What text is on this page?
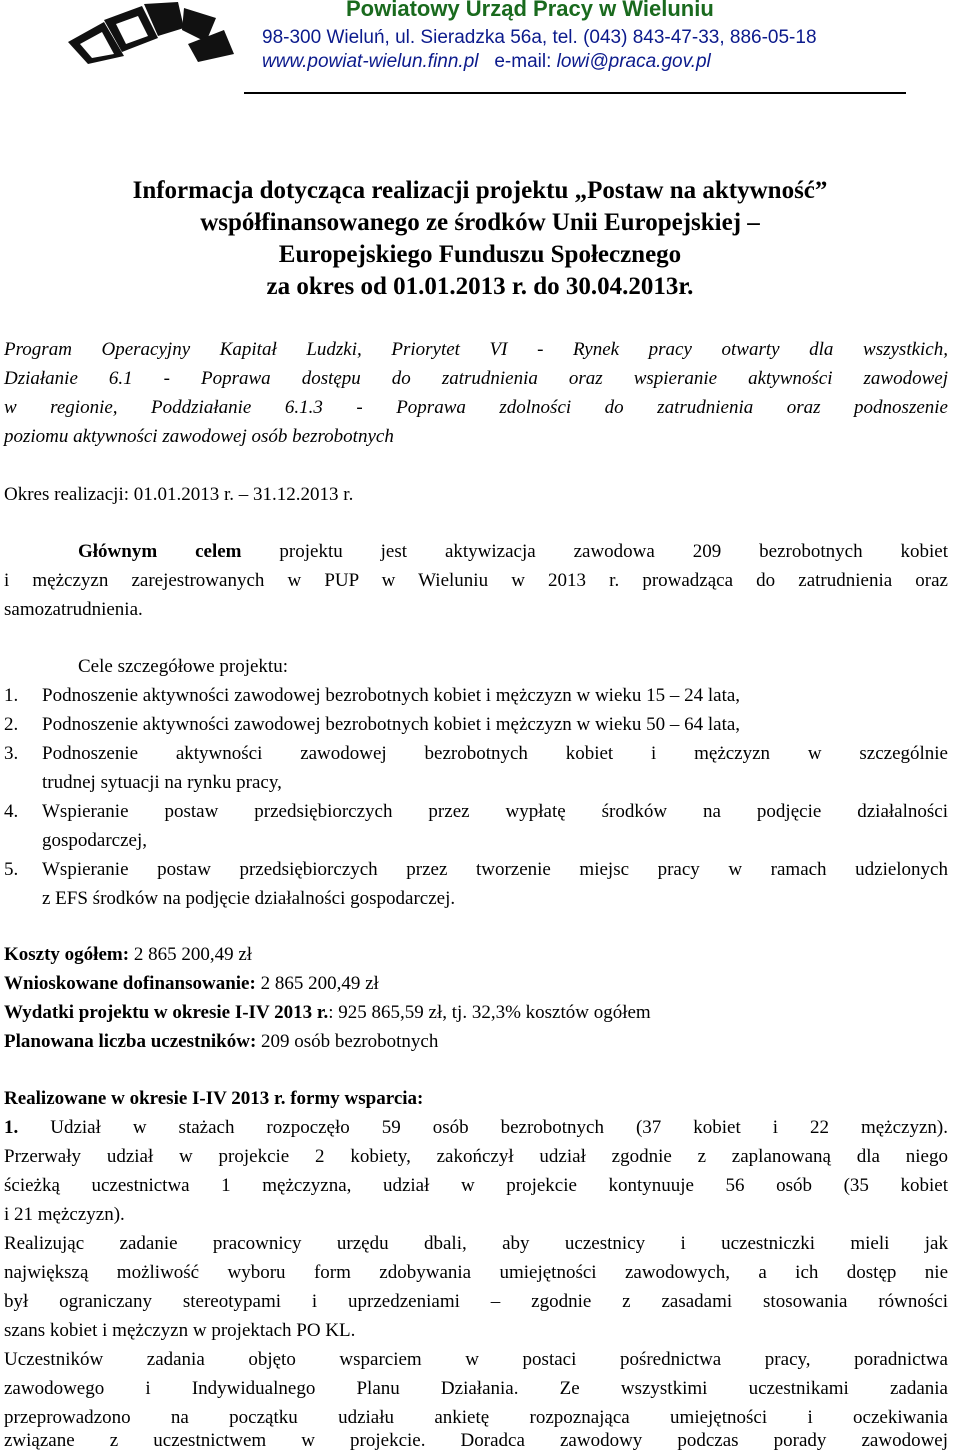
Powiatowy Urząd Pracy w Wieluniu
98-300 Wieluń, ul. Sieradzka 56a, tel. (043) 843-47-33, 886-05-18
www.powiat-wielun.finn.pl e-mail: lowi@praca.gov.pl
Informacja dotycząca realizacji projektu „Postaw na aktywność”
współfinansowanego ze środków Unii Europejskiej –
Europejskiego Funduszu Społecznego
za okres od 01.01.2013 r. do 30.04.2013r.
Program Operacyjny Kapitał Ludzki, Priorytet VI - Rynek pracy otwarty dla wszystkich,
Działanie 6.1 - Poprawa dostępu do zatrudnienia oraz wspieranie aktywności zawodowej
w regionie, Poddziałanie 6.1.3 - Poprawa zdolności do zatrudnienia oraz podnoszenie
poziomu aktywności zawodowej osób bezrobotnych
Okres realizacji: 01.01.2013 r. – 31.12.2013 r.
Głównym celem projektu jest aktywizacja zawodowa 209 bezrobotnych kobiet
i mężczyzn zarejestrowanych w PUP w Wieluniu w 2013 r. prowadząca do zatrudnienia oraz
samozatrudnienia.
Cele szczegółowe projektu:
1. Podnoszenie aktywności zawodowej bezrobotnych kobiet i mężczyzn w wieku 15 – 24 lata,
2. Podnoszenie aktywności zawodowej bezrobotnych kobiet i mężczyzn w wieku 50 – 64 lata,
3. Podnoszenie aktywności zawodowej bezrobotnych kobiet i mężczyzn w szczególnie
trudnej sytuacji na rynku pracy,
4. Wspieranie postaw przedsiębiorczych przez wypłatę środków na podjęcie działalności
gospodarczej,
5. Wspieranie postaw przedsiębiorczych przez tworzenie miejsc pracy w ramach udzielonych
z EFS środków na podjęcie działalności gospodarczej.
Koszty ogółem: 2 865 200,49 zł
Wnioskowane dofinansowanie: 2 865 200,49 zł
Wydatki projektu w okresie I-IV 2013 r.: 925 865,59 zł, tj. 32,3% kosztów ogółem
Planowana liczba uczestników: 209 osób bezrobotnych
Realizowane w okresie I-IV 2013 r. formy wsparcia:
1. Udział w stażach rozpoczęło 59 osób bezrobotnych (37 kobiet i 22 mężczyzn).
Przerwały udział w projekcie 2 kobiety, zakończył udział zgodnie z zaplanowaną dla niego
ścieżką uczestnictwa 1 mężczyzna, udział w projekcie kontynuuje 56 osób (35 kobiet
i 21 mężczyzn).
Realizując zadanie pracownicy urzędu dbali, aby uczestnicy i uczestniczki mieli jak
największą możliwość wyboru form zdobywania umiejętności zawodowych, a ich dostęp nie
był ograniczany stereotypami i uprzedzeniami – zgodnie z zasadami stosowania równości
szans kobiet i mężczyzn w projektach PO KL.
Uczestników zadania objęto wsparciem w postaci pośrednictwa pracy, poradnictwa
zawodowego i Indywidualnego Planu Działania. Ze wszystkimi uczestnikami zadania
przeprowadzono na początku udziału ankietę rozpoznająca umiejętności i oczekiwania
związane z uczestnictwem w projekcie. Doradca zawodowy podczas porady zawodowej
